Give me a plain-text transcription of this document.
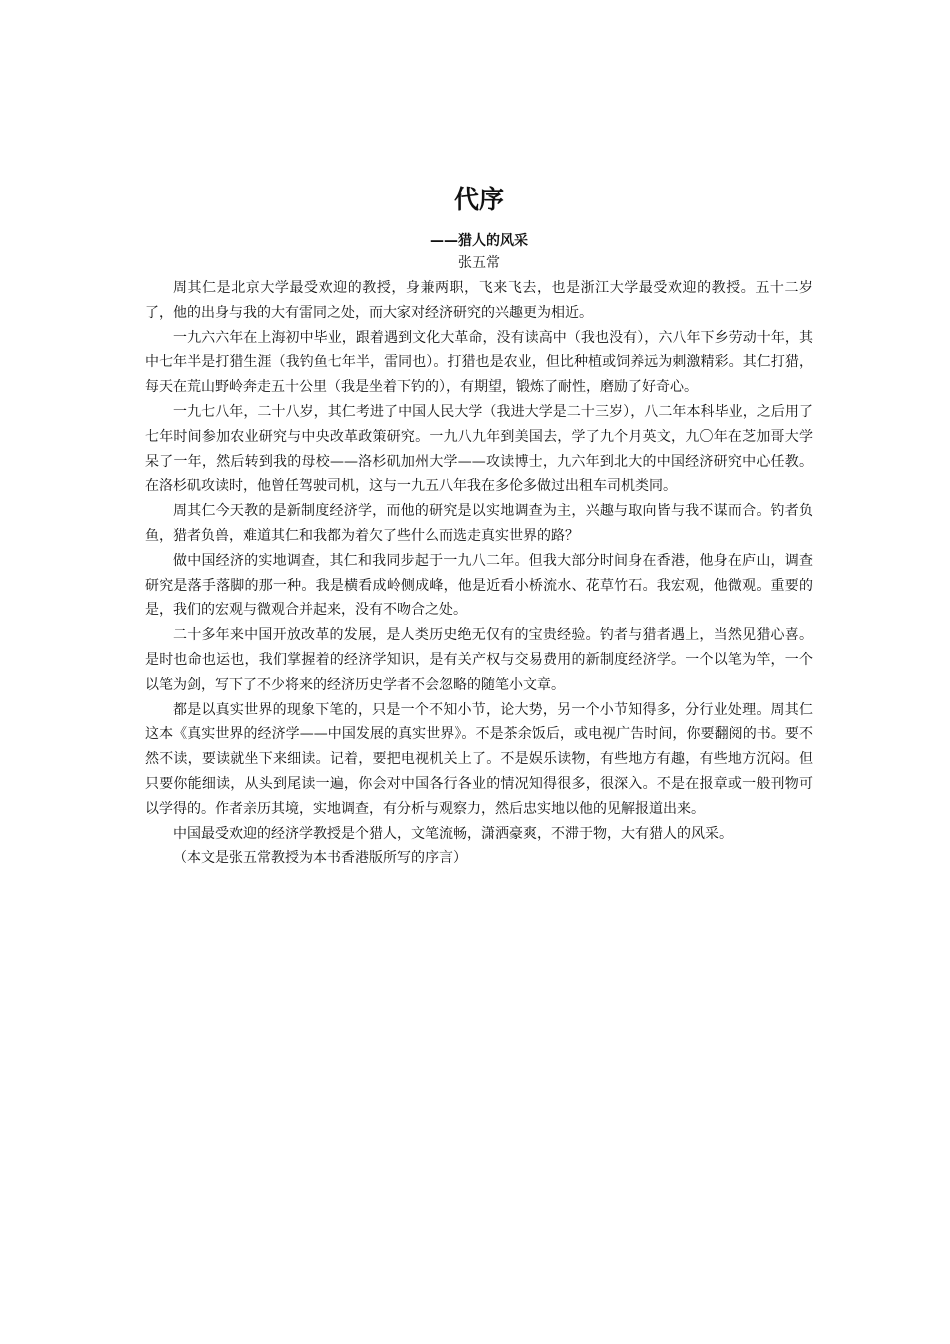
代序
——猎人的风采
张五常

周其仁是北京大学最受欢迎的教授，身兼两职，飞来飞去，也是浙江大学最受欢迎的教授。五十二岁了，他的出身与我的大有雷同之处，而大家对经济研究的兴趣更为相近。

一九六六年在上海初中毕业，跟着遇到文化大革命，没有读高中（我也没有），六八年下乡劳动十年，其中七年半是打猎生涯（我钓鱼七年半，雷同也）。打猎也是农业，但比种植或饲养远为刺激精彩。其仁打猎，每天在荒山野岭奔走五十公里（我是坐着下钓的），有期望，锻炼了耐性，磨励了好奇心。

一九七八年，二十八岁，其仁考进了中国人民大学（我进大学是二十三岁），八二年本科毕业，之后用了七年时间参加农业研究与中央改革政策研究。一九八九年到美国去，学了九个月英文，九〇年在芝加哥大学呆了一年，然后转到我的母校——洛杉矶加州大学——攻读博士，九六年到北大的中国经济研究中心任教。在洛杉矶攻读时，他曾任驾驶司机，这与一九五八年我在多伦多做过出租车司机类同。

周其仁今天教的是新制度经济学，而他的研究是以实地调查为主，兴趣与取向皆与我不谋而合。钓者负鱼，猎者负兽，难道其仁和我都为着欠了些什么而选走真实世界的路？

做中国经济的实地调查，其仁和我同步起于一九八二年。但我大部分时间身在香港，他身在庐山，调查研究是落手落脚的那一种。我是横看成岭侧成峰，他是近看小桥流水、花草竹石。我宏观，他微观。重要的是，我们的宏观与微观合并起来，没有不吻合之处。

二十多年来中国开放改革的发展，是人类历史绝无仅有的宝贵经验。钓者与猎者遇上，当然见猎心喜。是时也命也运也，我们掌握着的经济学知识，是有关产权与交易费用的新制度经济学。一个以笔为竿，一个以笔为剑，写下了不少将来的经济历史学者不会忽略的随笔小文章。

都是以真实世界的现象下笔的，只是一个不知小节，论大势，另一个小节知得多，分行业处理。周其仁这本《真实世界的经济学——中国发展的真实世界》。不是茶余饭后，或电视广告时间，你要翻阅的书。要不然不读，要读就坐下来细读。记着，要把电视机关上了。不是娱乐读物，有些地方有趣，有些地方沉闷。但只要你能细读，从头到尾读一遍，你会对中国各行各业的情况知得很多，很深入。不是在报章或一般刊物可以学得的。作者亲历其境，实地调查，有分析与观察力，然后忠实地以他的见解报道出来。

中国最受欢迎的经济学教授是个猎人，文笔流畅，潇洒豪爽，不滞于物，大有猎人的风采。

（本文是张五常教授为本书香港版所写的序言）
